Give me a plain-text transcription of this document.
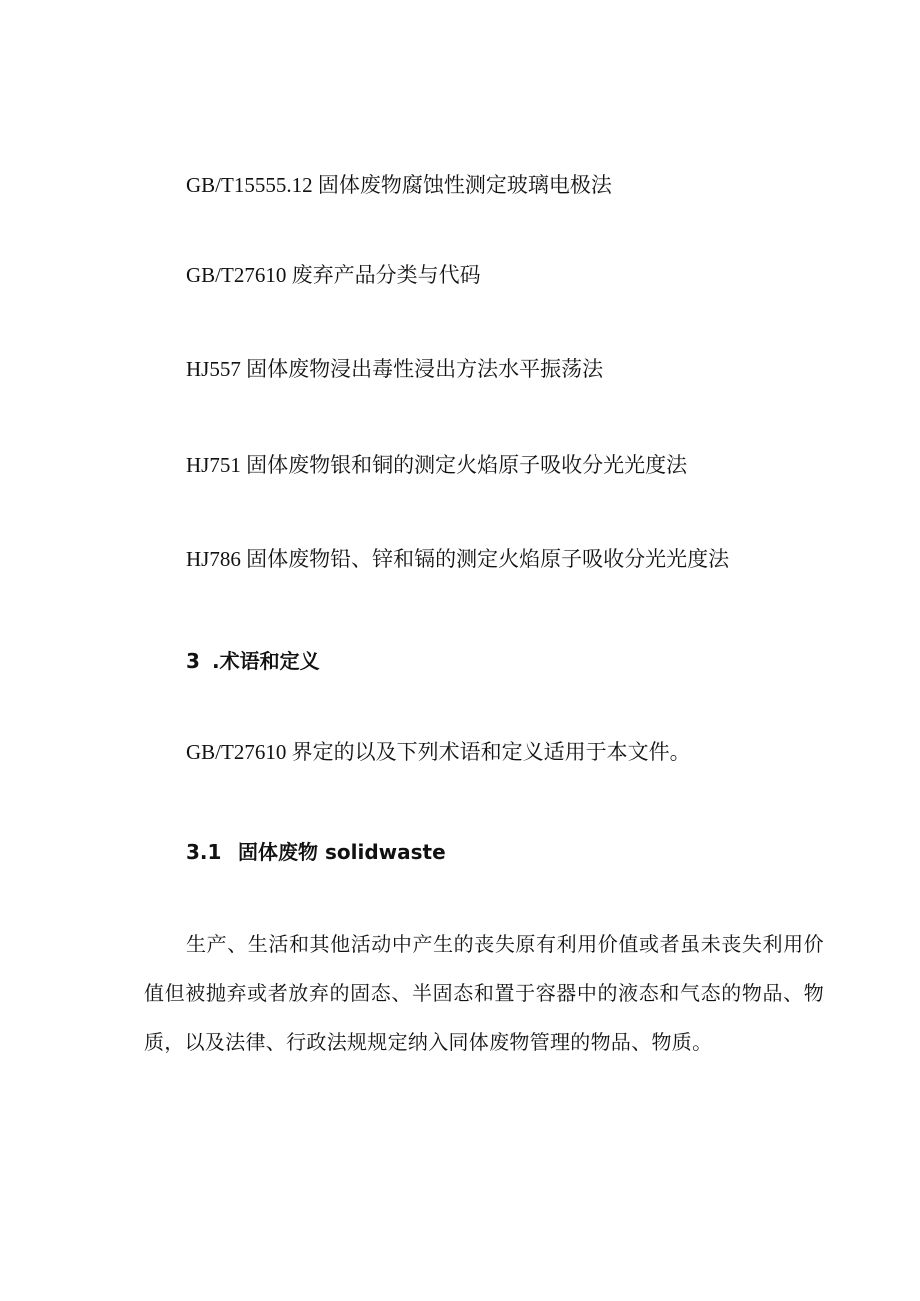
GB/T15555.12 固体废物腐蚀性测定玻璃电极法
GB/T27610 废弃产品分类与代码
HJ557 固体废物浸出毒性浸出方法水平振荡法
HJ751 固体废物银和铜的测定火焰原子吸收分光光度法
HJ786 固体废物铅、锌和镉的测定火焰原子吸收分光光度法
3 .术语和定义
GB/T27610 界定的以及下列术语和定义适用于本文件。
3.1 固体废物 solidwaste
生产、生活和其他活动中产生的丧失原有利用价值或者虽未丧失利用价值但被抛弃或者放弃的固态、半固态和置于容器中的液态和气态的物品、物质，以及法律、行政法规规定纳入同体废物管理的物品、物质。
